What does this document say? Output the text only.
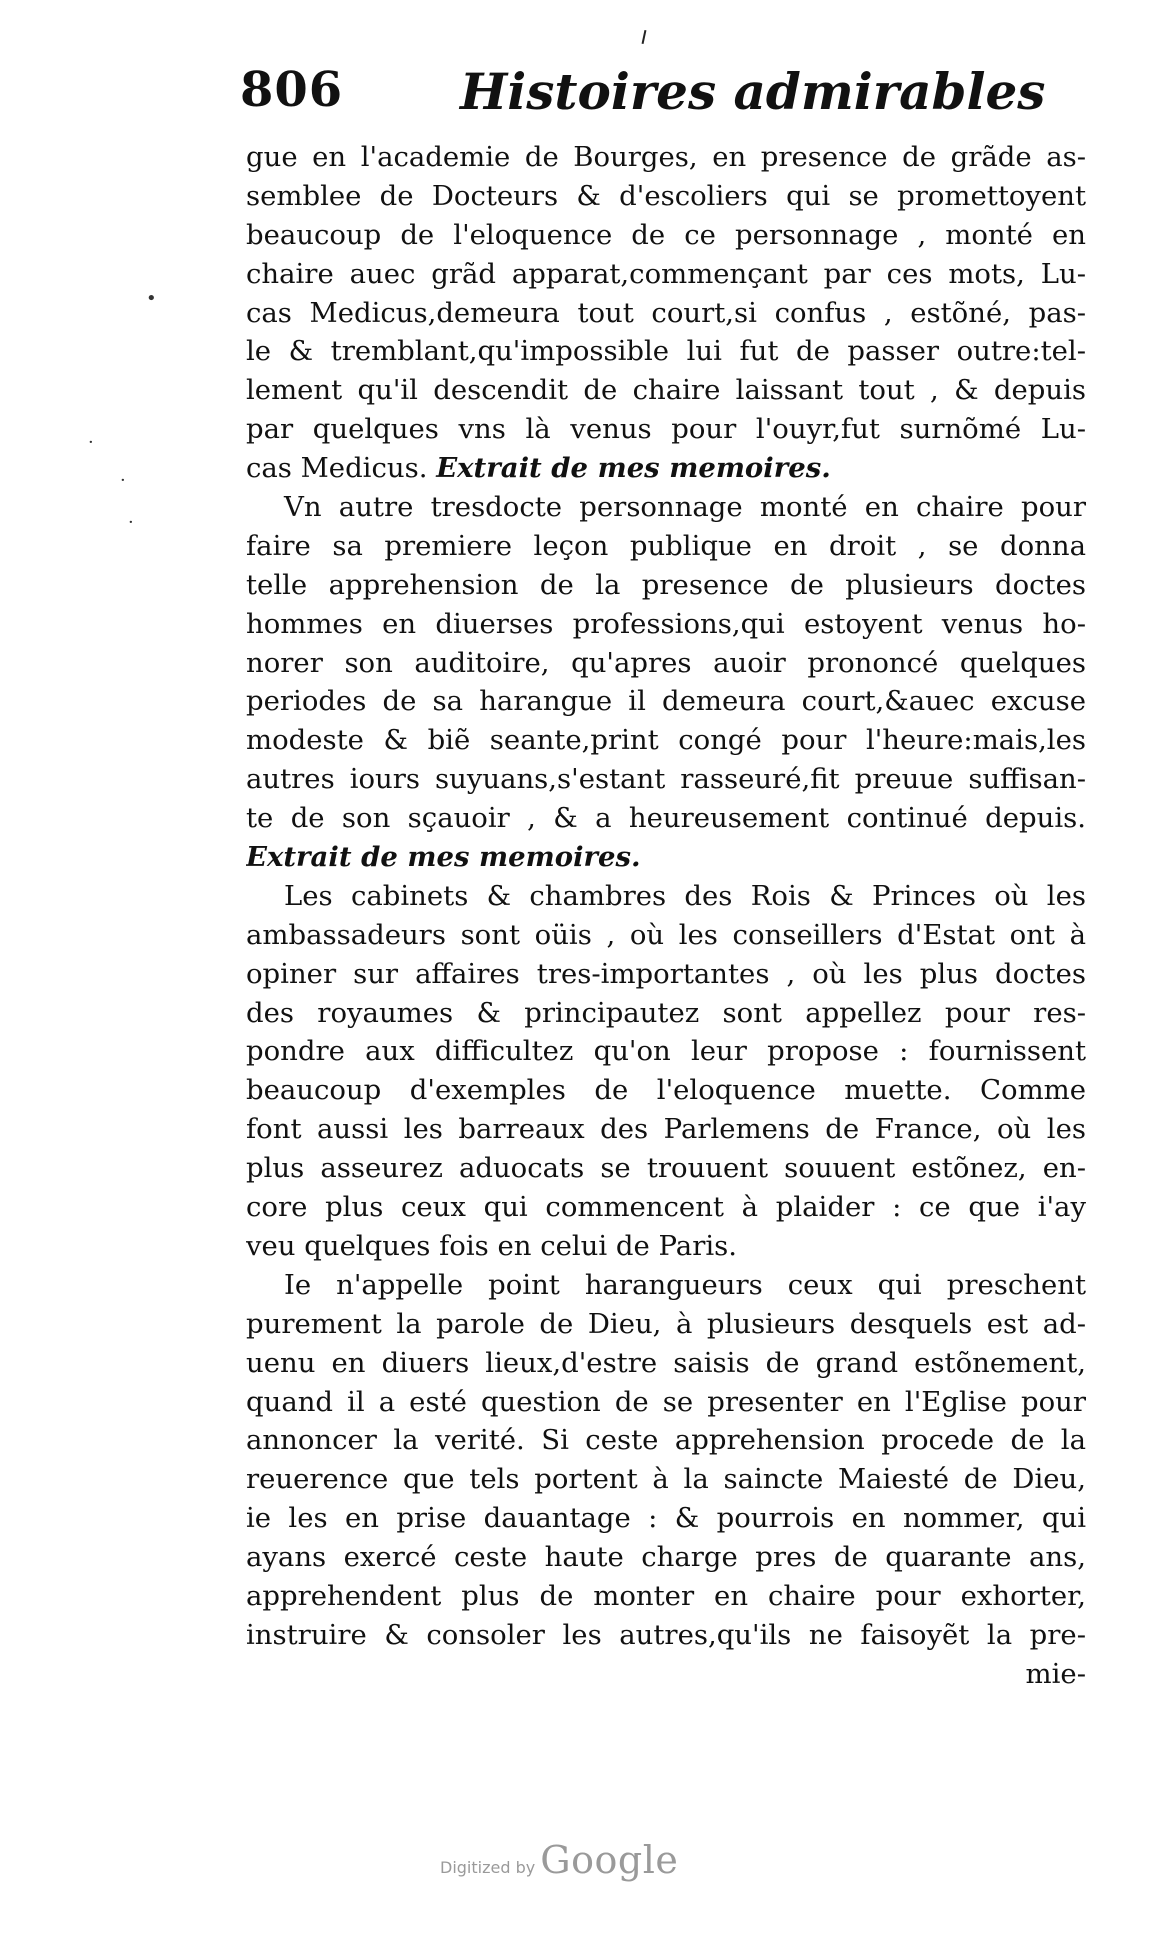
806 Histoires admirables
•
·
·
·
gue en l'academie de Bourges, en presence de grãde as-
semblee de Docteurs & d'escoliers qui se promettoyent
beaucoup de l'eloquence de ce personnage , monté en
chaire auec grãd apparat,commençant par ces mots, Lu-
cas Medicus,demeura tout court,si confus , estõné, pas-
le & tremblant,qu'impossible lui fut de passer outre:tel-
lement qu'il descendit de chaire laissant tout , & depuis
par quelques vns là venus pour l'ouyr,fut surnõmé Lu-
cas Medicus. Extrait de mes memoires.
Vn autre tresdocte personnage monté en chaire pour
faire sa premiere leçon publique en droit , se donna
telle apprehension de la presence de plusieurs doctes
hommes en diuerses professions,qui estoyent venus ho-
norer son auditoire, qu'apres auoir prononcé quelques
periodes de sa harangue il demeura court,&auec excuse
modeste & biẽ seante,print congé pour l'heure:mais,les
autres iours suyuans,s'estant rasseuré,fit preuue suffisan-
te de son sçauoir , & a heureusement continué depuis.
Extrait de mes memoires.
Les cabinets & chambres des Rois & Princes où les
ambassadeurs sont oüis , où les conseillers d'Estat ont à
opiner sur affaires tres-importantes , où les plus doctes
des royaumes & principautez sont appellez pour res-
pondre aux difficultez qu'on leur propose : fournissent
beaucoup d'exemples de l'eloquence muette. Comme
font aussi les barreaux des Parlemens de France, où les
plus asseurez aduocats se trouuent souuent estõnez, en-
core plus ceux qui commencent à plaider : ce que i'ay
veu quelques fois en celui de Paris.
Ie n'appelle point harangueurs ceux qui preschent
purement la parole de Dieu, à plusieurs desquels est ad-
uenu en diuers lieux,d'estre saisis de grand estõnement,
quand il a esté question de se presenter en l'Eglise pour
annoncer la verité. Si ceste apprehension procede de la
reuerence que tels portent à la saincte Maiesté de Dieu,
ie les en prise dauantage : & pourrois en nommer, qui
ayans exercé ceste haute charge pres de quarante ans,
apprehendent plus de monter en chaire pour exhorter,
instruire & consoler les autres,qu'ils ne faisoyẽt la pre-
mie-
Digitized by Google
